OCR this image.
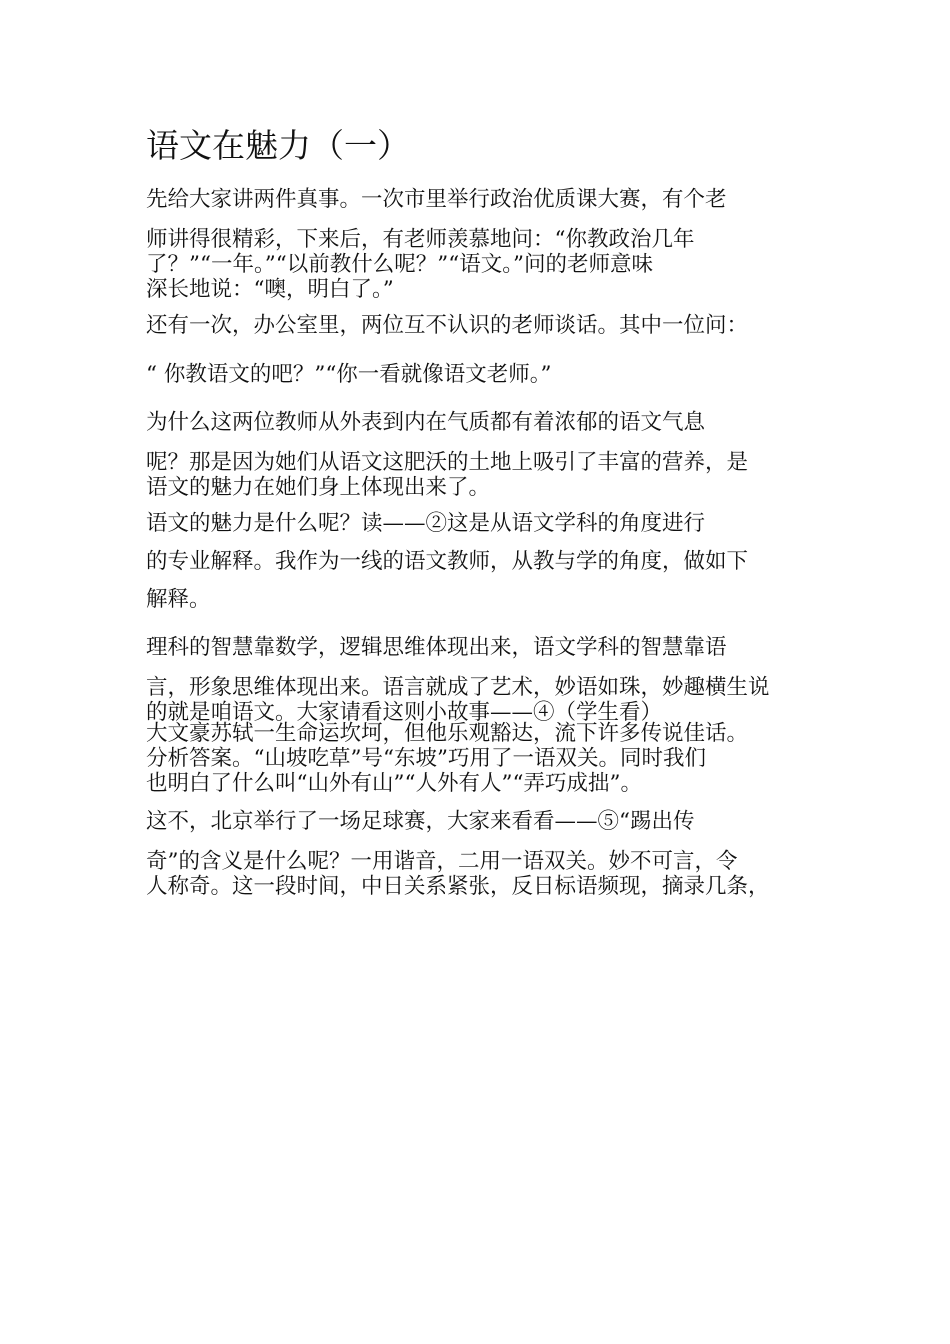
语文在魅力（一）
先给大家讲两件真事。一次市里举行政治优质课大赛，有个老
师讲得很精彩，下来后，有老师羡慕地问：“你教政治几年
了？”“一年。”“以前教什么呢？”“语文。”问的老师意味
深长地说：“噢，明白了。”
还有一次，办公室里，两位互不认识的老师谈话。其中一位问：
“ 你教语文的吧？”“你一看就像语文老师。”
为什么这两位教师从外表到内在气质都有着浓郁的语文气息
呢？那是因为她们从语文这肥沃的土地上吸引了丰富的营养，是
语文的魅力在她们身上体现出来了。
语文的魅力是什么呢？读——②这是从语文学科的角度进行
的专业解释。我作为一线的语文教师，从教与学的角度，做如下
解释。
理科的智慧靠数学，逻辑思维体现出来，语文学科的智慧靠语
言，形象思维体现出来。语言就成了艺术，妙语如珠，妙趣横生说
的就是咱语文。大家请看这则小故事——④（学生看）
大文豪苏轼一生命运坎坷，但他乐观豁达，流下许多传说佳话。
分析答案。“山坡吃草”号“东坡”巧用了一语双关。同时我们
也明白了什么叫“山外有山”“人外有人”“弄巧成拙”。
这不，北京举行了一场足球赛，大家来看看——⑤“踢出传
奇”的含义是什么呢？一用谐音，二用一语双关。妙不可言，令
人称奇。这一段时间，中日关系紧张，反日标语频现，摘录几条，
